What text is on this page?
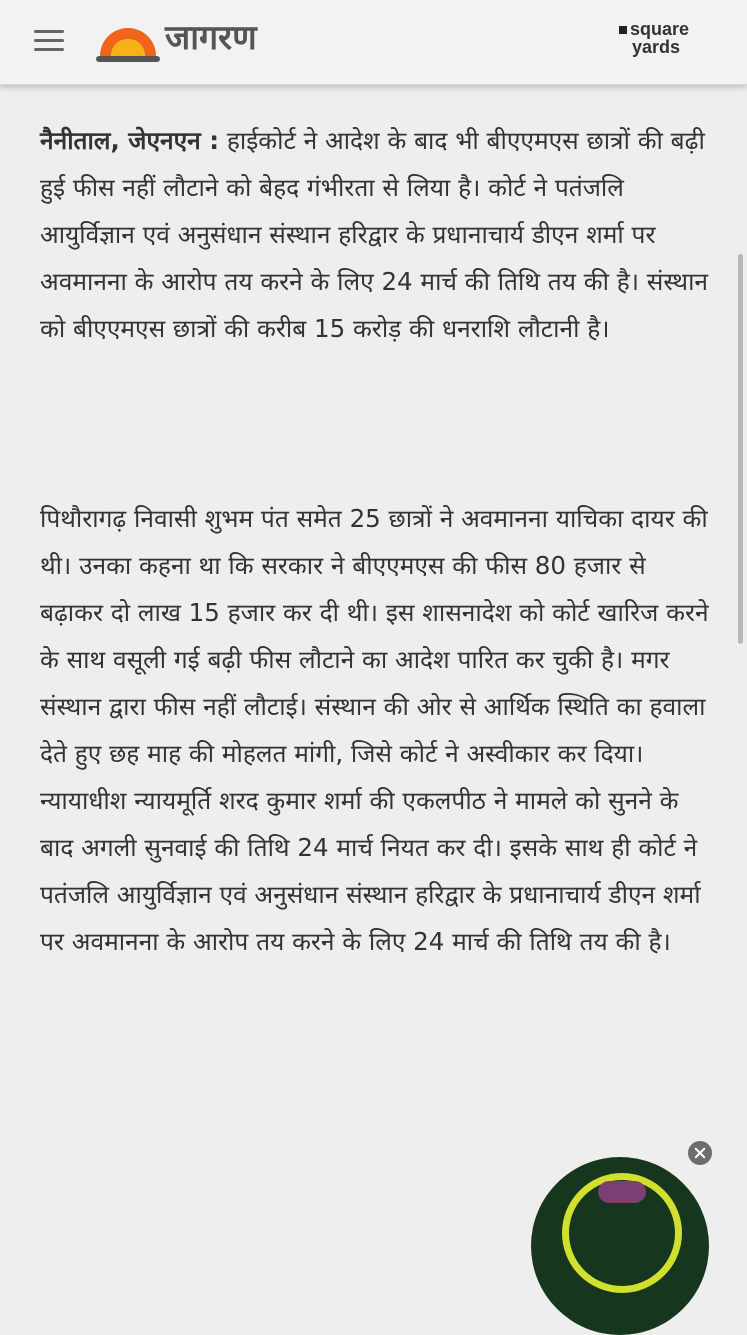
जागरण	square
yards

नैनीताल, जेएनएन : हाईकोर्ट ने आदेश के बाद भी बीएएमएस छात्रों की बढ़ी हुई फीस नहीं लौटाने को बेहद गंभीरता से लिया है। कोर्ट ने पतंजलि आयुर्विज्ञान एवं अनुसंधान संस्थान हरिद्वार के प्रधानाचार्य डीएन शर्मा पर अवमानना के आरोप तय करने के लिए 24 मार्च की तिथि तय की है। संस्थान को बीएएमएस छात्रों की करीब 15 करोड़ की धनराशि लौटानी है।

पिथौरागढ़ निवासी शुभम पंत समेत 25 छात्रों ने अवमानना याचिका दायर की थी। उनका कहना था कि सरकार ने बीएएमएस की फीस 80 हजार से बढ़ाकर दो लाख 15 हजार कर दी थी। इस शासनादेश को कोर्ट खारिज करने के साथ वसूली गई बढ़ी फीस लौटाने का आदेश पारित कर चुकी है। मगर संस्थान द्वारा फीस नहीं लौटाई। संस्थान की ओर से आर्थिक स्थिति का हवाला देते हुए छह माह की मोहलत मांगी, जिसे कोर्ट ने अस्वीकार कर दिया। न्यायाधीश न्यायमूर्ति शरद कुमार शर्मा की एकलपीठ ने मामले को सुनने के बाद अगली सुनवाई की तिथि 24 मार्च नियत कर दी। इसके साथ ही कोर्ट ने पतंजलि आयुर्विज्ञान एवं अनुसंधान संस्थान हरिद्वार के प्रधानाचार्य डीएन शर्मा पर अवमानना के आरोप तय करने के लिए 24 मार्च की तिथि तय की है।
